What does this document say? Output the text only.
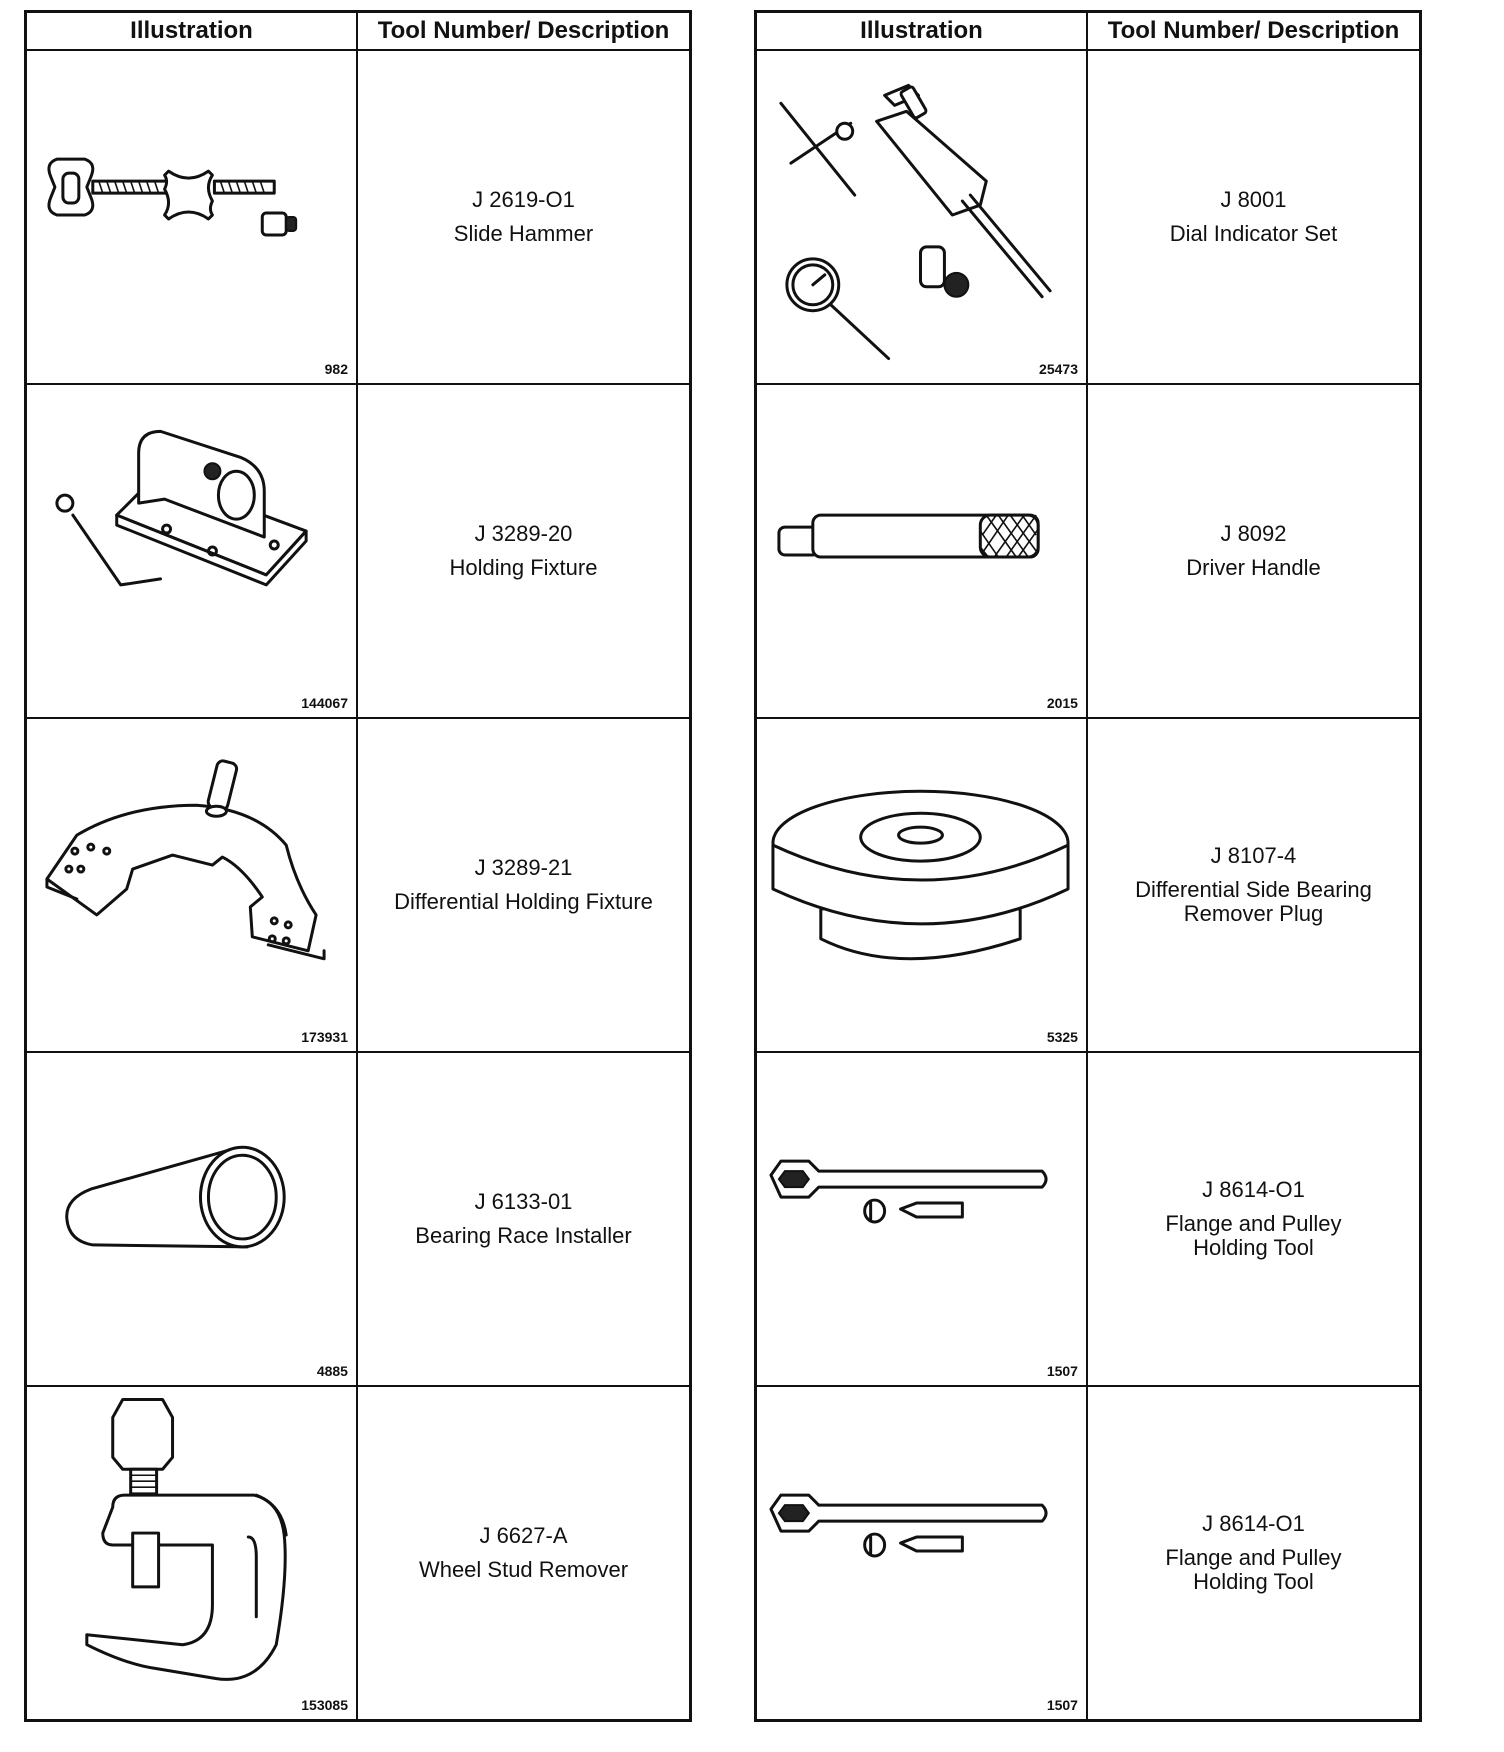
Illustration	Tool Number/ Description

982	J 2619-O1
Slide Hammer

144067	J 3289-20
Holding Fixture

173931	J 3289-21
Differential Holding Fixture

4885	J 6133-01
Bearing Race Installer

153085	J 6627-A
Wheel Stud Remover
Illustration	Tool Number/ Description

25473	J 8001
Dial Indicator Set

2015	J 8092
Driver Handle

5325	J 8107-4
Differential Side Bearing
Remover Plug

1507	J 8614-O1
Flange and Pulley
Holding Tool

1507	J 8614-O1
Flange and Pulley
Holding Tool
